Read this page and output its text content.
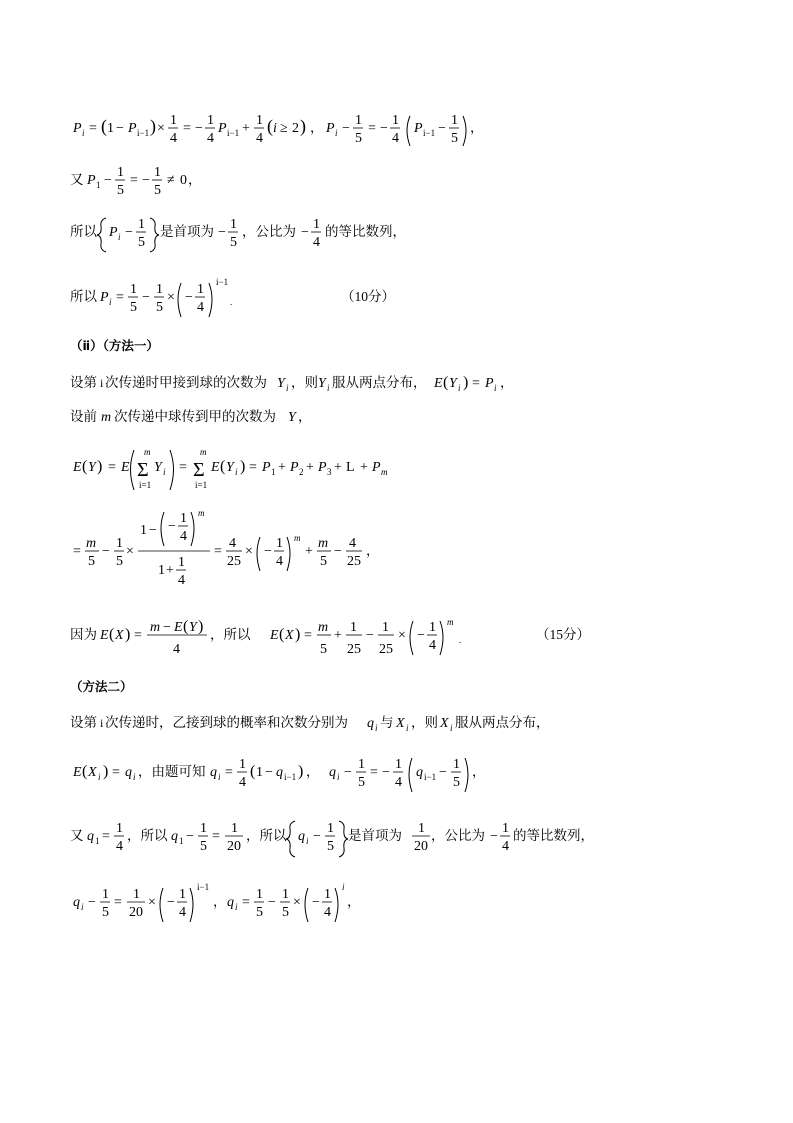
P i = ( 1 − P i−1 ) ×
1
4
= −
1
4
P i−1 +
1
4
( i ≥ 2 ) ， P i −
1
5
= −
1
4
P i−1 −
1
5
，
又 P 1 −
1
5
= −
1
5
≠ 0 ，
所以 P i −
1
5
是首项为 −
1
5
，公比为 −
1
4
的等比数列，
所以 P i =
1
5
−
1
5
× −
1
4
i−1
.	（10分）
（ⅱ）（方法一）
设第 i 次传递时甲接到球的次数为 Y i ，则 Y i 服从两点分布， E ( Y i ) = P i ，
设前 m 次传递中球传到甲的次数为 Y ，
E ( Y ) = E
m
Σ
i=1
Y i =
m
Σ
i=1
E ( Y i ) = P 1 + P 2 + P 3 + L + P m
=
m
5
−
1
5
×
1 − −
1
4
m
1 +
1
4
=
4
25
× −
1
4
m
+
m
5
−
4
25
，
因为 E ( X ) =
m − E ( Y )
4
，所以 E ( X ) =
m
5
+
1
25
−
1
25
× −
1
4
m
.	（15分）
（方法二）
设第 i 次传递时，乙接到球的概率和次数分别为 q i 与 X i ，则 X i 服从两点分布，
E ( X i ) = q i ，由题可知 q i =
1
4
( 1 − q i−1 ) ， q i −
1
5
= −
1
4
q i−1 −
1
5
，
又 q 1 =
1
4
，所以 q 1 −
1
5
=
1
20
，所以 q i −
1
5
是首项为 1
20
，公比为 −
1
4
的等比数列，
q i −
1
5
=
1
20
× −
1
4
i−1
， q i =
1
5
−
1
5
× −
1
4
i
，
